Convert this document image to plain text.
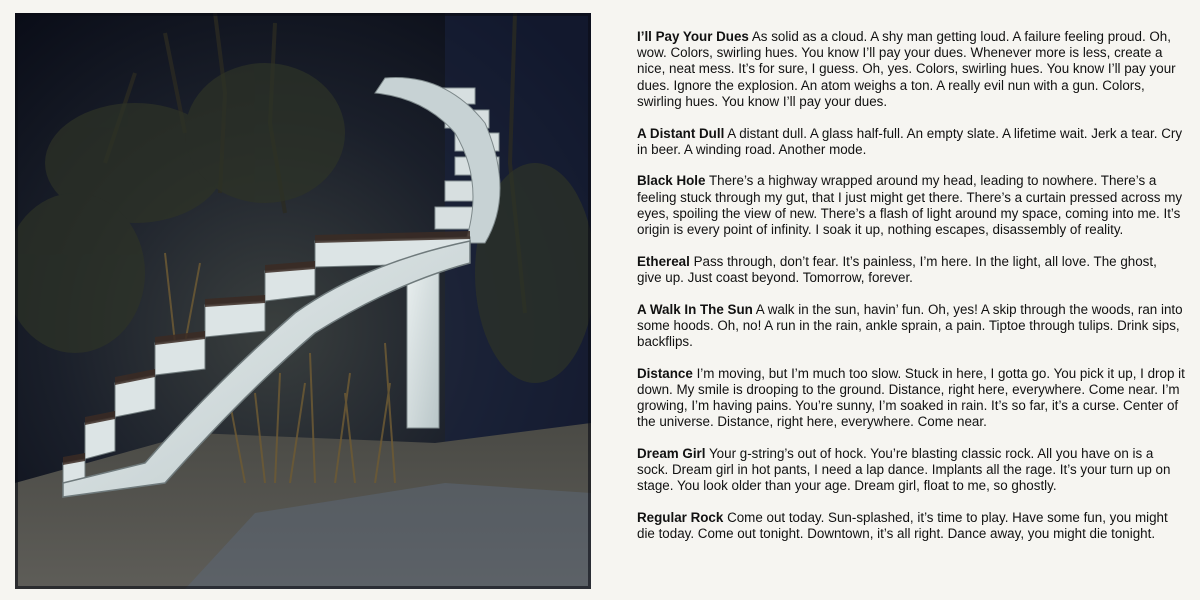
I’ll Pay Your Dues As solid as a cloud. A shy man getting loud. A failure feeling proud. Oh, wow. Colors, swirling hues. You know I’ll pay your dues. Whenever more is less, create a nice, neat mess. It’s for sure, I guess. Oh, yes. Colors, swirling hues. You know I’ll pay your dues. Ignore the explosion. An atom weighs a ton. A really evil nun with a gun. Colors, swirling hues. You know I’ll pay your dues.

A Distant Dull A distant dull. A glass half-full. An empty slate. A lifetime wait. Jerk a tear. Cry in beer. A winding road. Another mode.

Black Hole There’s a highway wrapped around my head, leading to nowhere. There’s a feeling stuck through my gut, that I just might get there. There’s a curtain pressed across my eyes, spoiling the view of new. There’s a flash of light around my space, coming into me. It’s origin is every point of infinity. I soak it up, nothing escapes, disassembly of reality.

Ethereal Pass through, don’t fear. It’s painless, I’m here. In the light, all love. The ghost, give up. Just coast beyond. Tomorrow, forever.

A Walk In The Sun A walk in the sun, havin’ fun. Oh, yes! A skip through the woods, ran into some hoods. Oh, no! A run in the rain, ankle sprain, a pain. Tiptoe through tulips. Drink sips, backflips.

Distance I’m moving, but I’m much too slow. Stuck in here, I gotta go. You pick it up, I drop it down. My smile is drooping to the ground. Distance, right here, everywhere. Come near. I’m growing, I’m having pains. You’re sunny, I’m soaked in rain. It’s so far, it’s a curse. Center of the universe. Distance, right here, everywhere. Come near.

Dream Girl Your g-string’s out of hock. You’re blasting classic rock. All you have on is a sock. Dream girl in hot pants, I need a lap dance. Implants all the rage. It’s your turn up on stage. You look older than your age. Dream girl, float to me, so ghostly.

Regular Rock Come out today. Sun-splashed, it’s time to play. Have some fun, you might die today. Come out tonight. Downtown, it’s all right. Dance away, you might die tonight.
